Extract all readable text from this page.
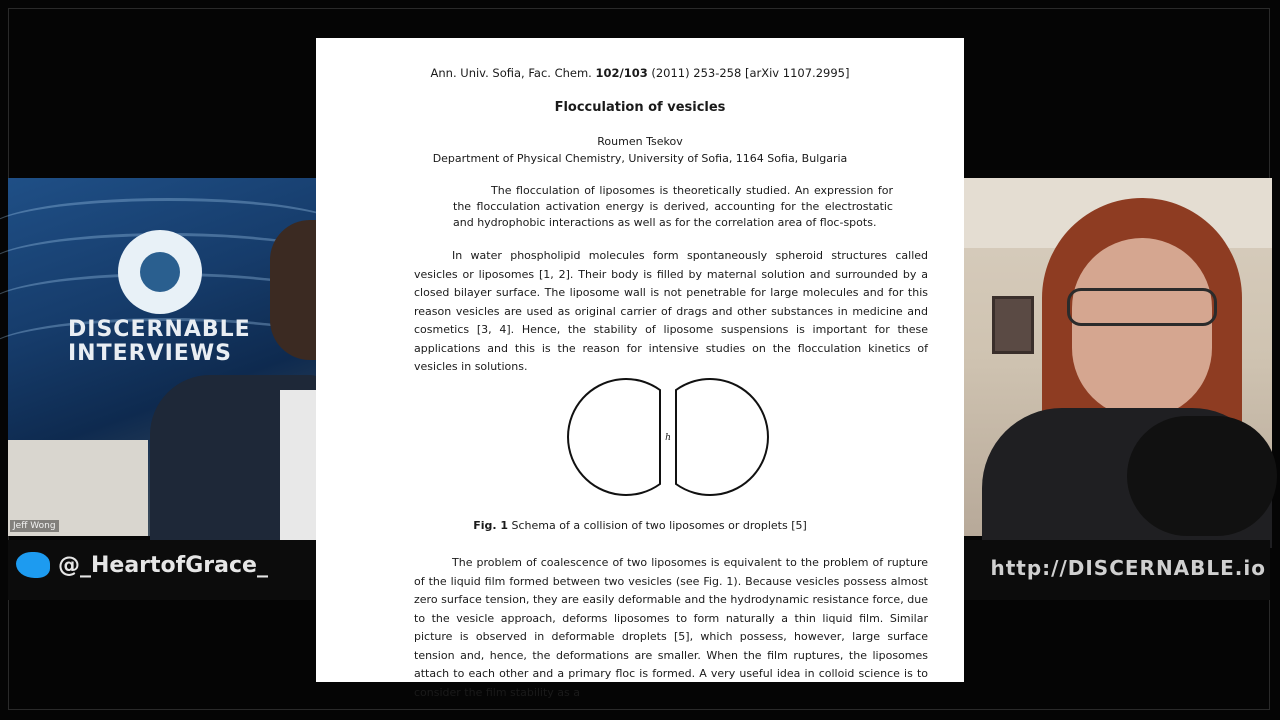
DISCERNABLE
INTERVIEWS
Jeff Wong
@_HeartofGrace_	http://DISCERNABLE.io
Ann. Univ. Sofia, Fac. Chem. 102/103 (2011) 253-258 [arXiv 1107.2995]
Flocculation of vesicles
Roumen Tsekov
Department of Physical Chemistry, University of Sofia, 1164 Sofia, Bulgaria
The flocculation of liposomes is theoretically studied. An expression for the flocculation activation energy is derived, accounting for the electrostatic and hydrophobic interactions as well as for the correlation area of floc-spots.
In water phospholipid molecules form spontaneously spheroid structures called vesicles or liposomes [1, 2]. Their body is filled by maternal solution and surrounded by a closed bilayer surface. The liposome wall is not penetrable for large molecules and for this reason vesicles are used as original carrier of drags and other substances in medicine and cosmetics [3, 4]. Hence, the stability of liposome suspensions is important for these applications and this is the reason for intensive studies on the flocculation kinetics of vesicles in solutions.
h
Fig. 1 Schema of a collision of two liposomes or droplets [5]
The problem of coalescence of two liposomes is equivalent to the problem of rupture of the liquid film formed between two vesicles (see Fig. 1). Because vesicles possess almost zero surface tension, they are easily deformable and the hydrodynamic resistance force, due to the vesicle approach, deforms liposomes to form naturally a thin liquid film. Similar picture is observed in deformable droplets [5], which possess, however, large surface tension and, hence, the deformations are smaller. When the film ruptures, the liposomes attach to each other and a primary floc is formed. A very useful idea in colloid science is to consider the film stability as a
